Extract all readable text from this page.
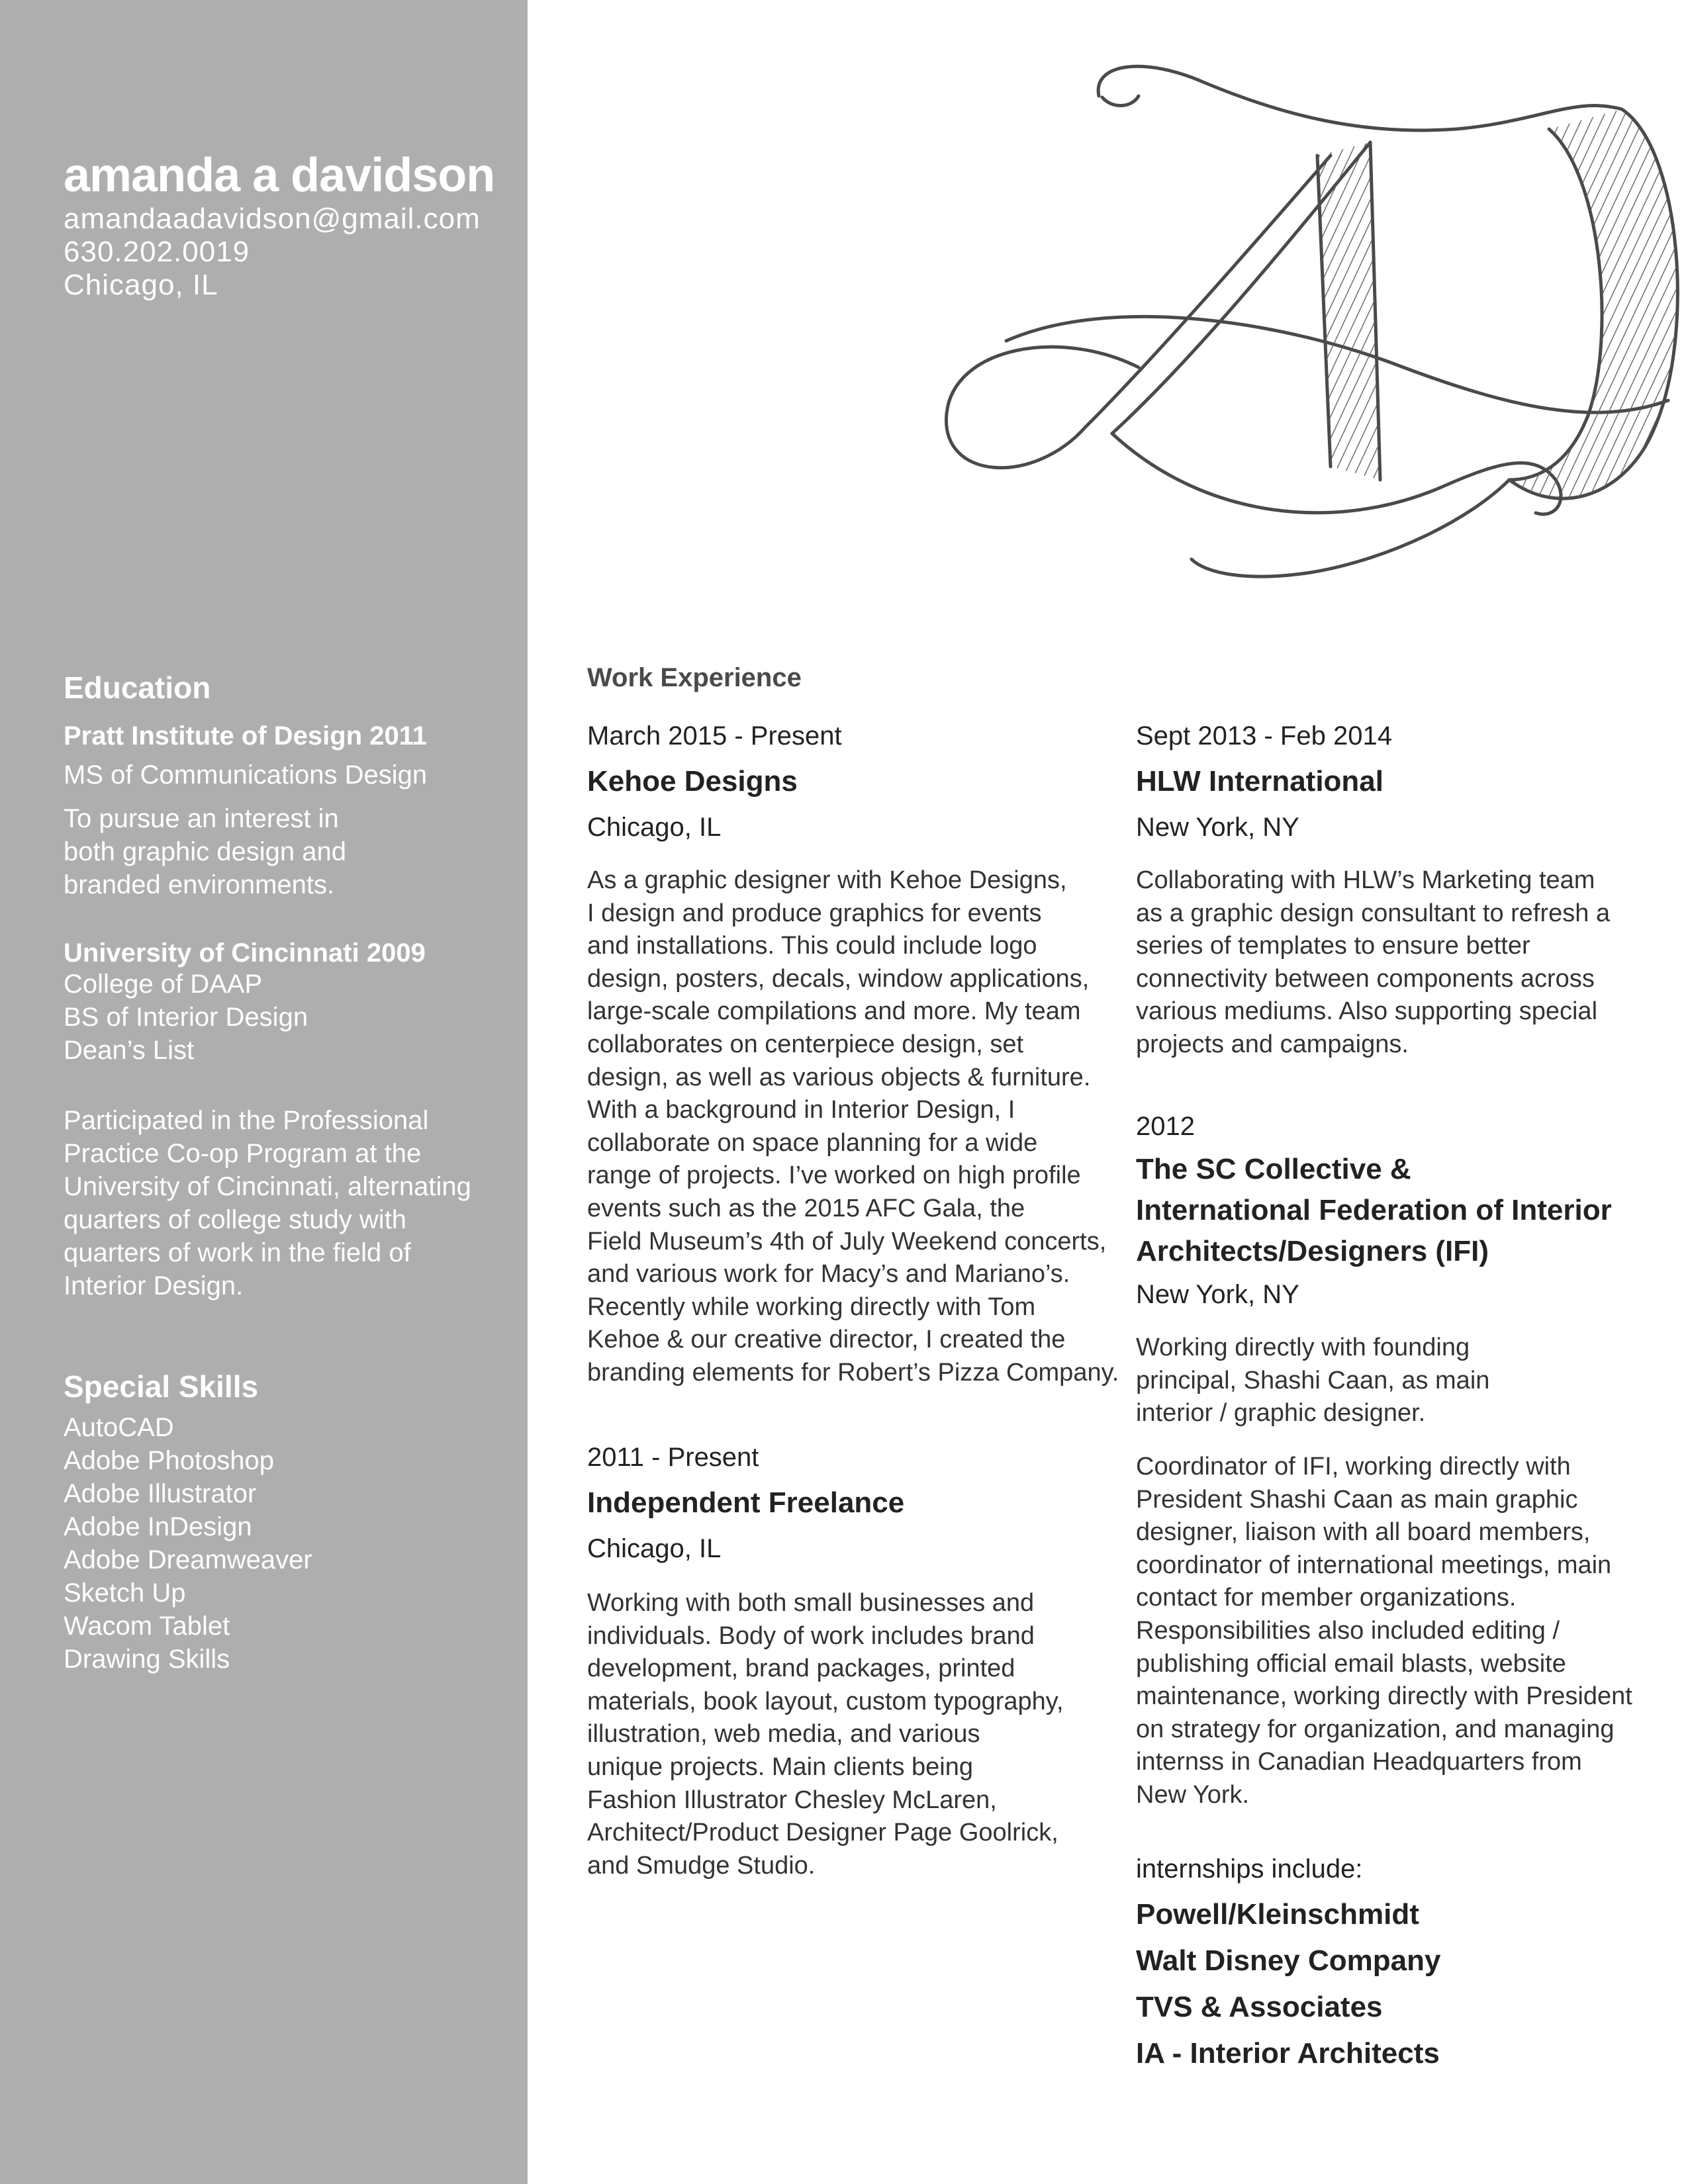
amanda a davidson
amandaadavidson@gmail.com
630.202.0019
Chicago, IL
Education
Pratt Institute of Design 2011
MS of Communications Design
To pursue an interest in
both graphic design and
branded environments.
University of Cincinnati 2009
College of DAAP
BS of Interior Design
Dean’s List
Participated in the Professional
Practice Co-op Program at the
University of Cincinnati, alternating
quarters of college study with
quarters of work in the field of
Interior Design.
Special Skills
AutoCAD
Adobe Photoshop
Adobe Illustrator
Adobe InDesign
Adobe Dreamweaver
Sketch Up
Wacom Tablet
Drawing Skills
Work Experience
March 2015 - Present
Kehoe Designs
Chicago, IL
As a graphic designer with Kehoe Designs,
I design and produce graphics for events
and installations. This could include logo
design, posters, decals, window applications,
large-scale compilations and more. My team
collaborates on centerpiece design, set
design, as well as various objects & furniture.
With a background in Interior Design, I
collaborate on space planning for a wide
range of projects. I’ve worked on high profile
events such as the 2015 AFC Gala, the
Field Museum’s 4th of July Weekend concerts,
and various work for Macy’s and Mariano’s.
Recently while working directly with Tom
Kehoe & our creative director, I created the
branding elements for Robert’s Pizza Company.
2011 - Present
Independent Freelance
Chicago, IL
Working with both small businesses and
individuals. Body of work includes brand
development, brand packages, printed
materials, book layout, custom typography,
illustration, web media, and various
unique projects. Main clients being
Fashion Illustrator Chesley McLaren,
Architect/Product Designer Page Goolrick,
and Smudge Studio.
Sept 2013 - Feb 2014
HLW International
New York, NY
Collaborating with HLW’s Marketing team
as a graphic design consultant to refresh a
series of templates to ensure better
connectivity between components across
various mediums. Also supporting special
projects and campaigns.
2012
The SC Collective &
International Federation of Interior
Architects/Designers (IFI)
New York, NY
Working directly with founding
principal, Shashi Caan, as main
interior / graphic designer.
Coordinator of IFI, working directly with
President Shashi Caan as main graphic
designer, liaison with all board members,
coordinator of international meetings, main
contact for member organizations.
Responsibilities also included editing /
publishing official email blasts, website
maintenance, working directly with President
on strategy for organization, and managing
internss in Canadian Headquarters from
New York.
internships include:
Powell/Kleinschmidt
Walt Disney Company
TVS & Associates
IA - Interior Architects
